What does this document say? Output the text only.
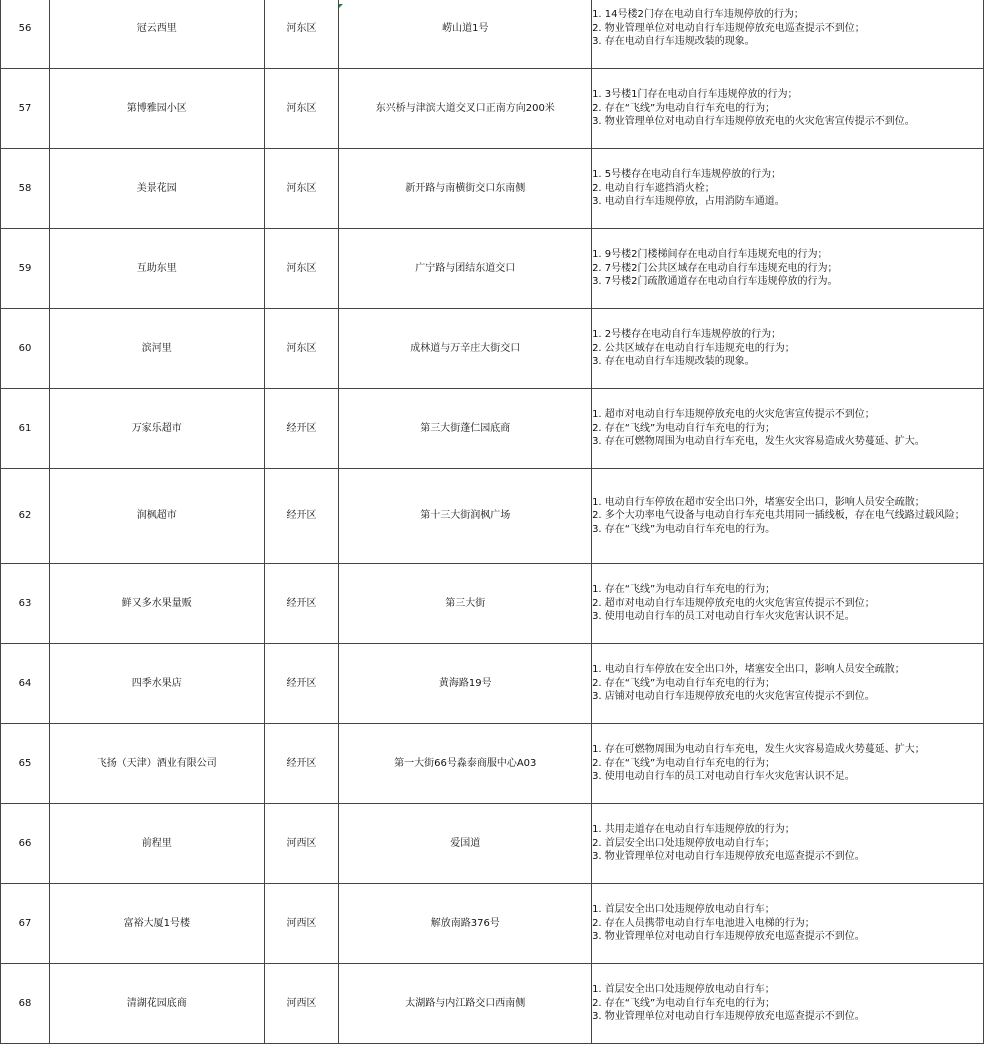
56	冠云西里	河东区	崂山道1号	1. 14号楼2门存在电动自行车违规停放的行为；
2. 物业管理单位对电动自行车违规停放充电巡查提示不到位；
3. 存在电动自行车违规改装的现象。

57	第博雅园小区	河东区	东兴桥与津滨大道交叉口正南方向200米	1. 3号楼1门存在电动自行车违规停放的行为；
2. 存在“飞线”为电动自行车充电的行为；
3. 物业管理单位对电动自行车违规停放充电的火灾危害宣传提示不到位。

58	美景花园	河东区	新开路与南横街交口东南侧	1. 5号楼存在电动自行车违规停放的行为；
2. 电动自行车遮挡消火栓；
3. 电动自行车违规停放，占用消防车通道。

59	互助东里	河东区	广宁路与团结东道交口	1. 9号楼2门楼梯间存在电动自行车违规充电的行为；
2. 7号楼2门公共区域存在电动自行车违规充电的行为；
3. 7号楼2门疏散通道存在电动自行车违规停放的行为。

60	滨河里	河东区	成林道与万辛庄大街交口	1. 2号楼存在电动自行车违规停放的行为；
2. 公共区域存在电动自行车违规充电的行为；
3. 存在电动自行车违规改装的现象。

61	万家乐超市	经开区	第三大街蓬仁园底商	1. 超市对电动自行车违规停放充电的火灾危害宣传提示不到位；
2. 存在“飞线”为电动自行车充电的行为；
3. 存在可燃物周围为电动自行车充电，发生火灾容易造成火势蔓延、扩大。

62	润枫超市	经开区	第十三大街润枫广场	1. 电动自行车停放在超市安全出口外，堵塞安全出口，影响人员安全疏散；
2. 多个大功率电气设备与电动自行车充电共用同一插线板，存在电气线路过载风险；
3. 存在“飞线”为电动自行车充电的行为。

63	鲜又多水果量贩	经开区	第三大街	1. 存在“飞线”为电动自行车充电的行为；
2. 超市对电动自行车违规停放充电的火灾危害宣传提示不到位；
3. 使用电动自行车的员工对电动自行车火灾危害认识不足。

64	四季水果店	经开区	黄海路19号	1. 电动自行车停放在安全出口外，堵塞安全出口，影响人员安全疏散；
2. 存在“飞线”为电动自行车充电的行为；
3. 店铺对电动自行车违规停放充电的火灾危害宣传提示不到位。

65	飞扬（天津）酒业有限公司	经开区	第一大街66号淼泰商服中心A03	1. 存在可燃物周围为电动自行车充电，发生火灾容易造成火势蔓延、扩大；
2. 存在“飞线”为电动自行车充电的行为；
3. 使用电动自行车的员工对电动自行车火灾危害认识不足。

66	前程里	河西区	爱国道	1. 共用走道存在电动自行车违规停放的行为；
2. 首层安全出口处违规停放电动自行车；
3. 物业管理单位对电动自行车违规停放充电巡查提示不到位。

67	富裕大厦1号楼	河西区	解放南路376号	1. 首层安全出口处违规停放电动自行车；
2. 存在人员携带电动自行车电池进入电梯的行为；
3. 物业管理单位对电动自行车违规停放充电巡查提示不到位。

68	清湖花园底商	河西区	太湖路与内江路交口西南侧	1. 首层安全出口处违规停放电动自行车；
2. 存在“飞线”为电动自行车充电的行为；
3. 物业管理单位对电动自行车违规停放充电巡查提示不到位。
